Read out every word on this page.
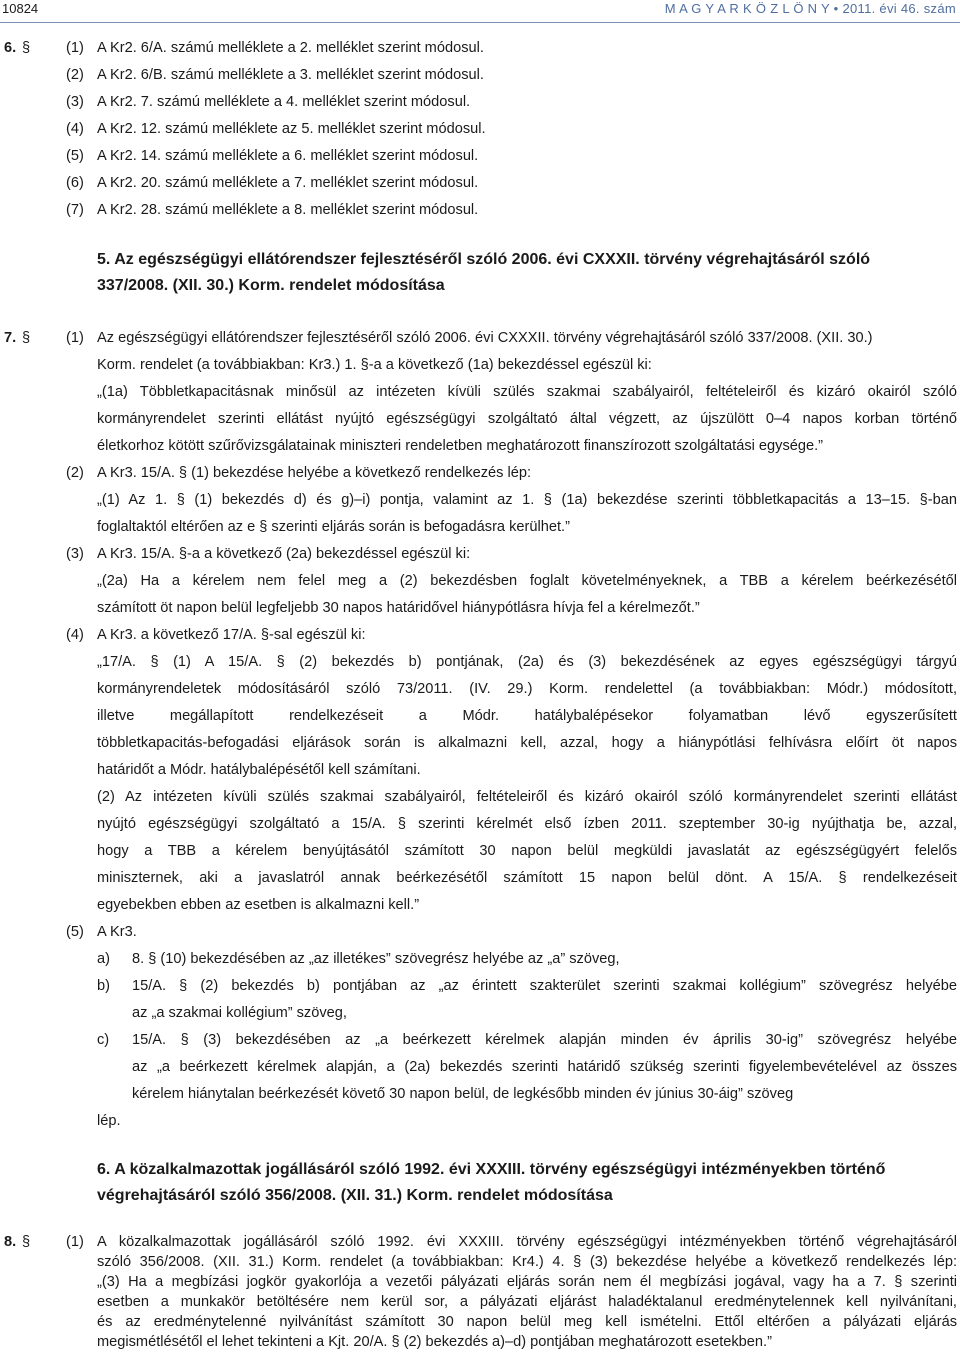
10824	M A G Y A R K Ö Z L Ö N Y • 2011. évi 46. szám
6. § (1) A Kr2. 6/A. számú melléklete a 2. melléklet szerint módosul.
(2) A Kr2. 6/B. számú melléklete a 3. melléklet szerint módosul.
(3) A Kr2. 7. számú melléklete a 4. melléklet szerint módosul.
(4) A Kr2. 12. számú melléklete az 5. melléklet szerint módosul.
(5) A Kr2. 14. számú melléklete a 6. melléklet szerint módosul.
(6) A Kr2. 20. számú melléklete a 7. melléklet szerint módosul.
(7) A Kr2. 28. számú melléklete a 8. melléklet szerint módosul.
5. Az egészségügyi ellátórendszer fejlesztéséről szóló 2006. évi CXXXII. törvény végrehajtásáról szóló
337/2008. (XII. 30.) Korm. rendelet módosítása
7. § (1) Az egészségügyi ellátórendszer fejlesztéséről szóló 2006. évi CXXXII. törvény végrehajtásáról szóló 337/2008. (XII. 30.)
Korm. rendelet (a továbbiakban: Kr3.) 1. §-a a következő (1a) bekezdéssel egészül ki:
„(1a) Többletkapacitásnak minősül az intézeten kívüli szülés szakmai szabályairól, feltételeiről és kizáró okairól szóló
kormányrendelet szerinti ellátást nyújtó egészségügyi szolgáltató által végzett, az újszülött 0–4 napos korban történő
életkorhoz kötött szűrővizsgálatainak miniszteri rendeletben meghatározott finanszírozott szolgáltatási egysége.”
(2) A Kr3. 15/A. § (1) bekezdése helyébe a következő rendelkezés lép:
„(1) Az 1. § (1) bekezdés d) és g)–i) pontja, valamint az 1. § (1a) bekezdése szerinti többletkapacitás a 13–15. §-ban
foglaltaktól eltérően az e § szerinti eljárás során is befogadásra kerülhet.”
(3) A Kr3. 15/A. §-a a következő (2a) bekezdéssel egészül ki:
„(2a) Ha a kérelem nem felel meg a (2) bekezdésben foglalt követelményeknek, a TBB a kérelem beérkezésétől
számított öt napon belül legfeljebb 30 napos határidővel hiánypótlásra hívja fel a kérelmezőt.”
(4) A Kr3. a következő 17/A. §-sal egészül ki:
„17/A. § (1) A 15/A. § (2) bekezdés b) pontjának, (2a) és (3) bekezdésének az egyes egészségügyi tárgyú
kormányrendeletek módosításáról szóló 73/2011. (IV. 29.) Korm. rendelettel (a továbbiakban: Módr.) módosított,
illetve megállapított rendelkezéseit a Módr. hatálybalépésekor folyamatban lévő egyszerűsített
többletkapacitás-befogadási eljárások során is alkalmazni kell, azzal, hogy a hiánypótlási felhívásra előírt öt napos
határidőt a Módr. hatálybalépésétől kell számítani.
(2) Az intézeten kívüli szülés szakmai szabályairól, feltételeiről és kizáró okairól szóló kormányrendelet szerinti ellátást
nyújtó egészségügyi szolgáltató a 15/A. § szerinti kérelmét első ízben 2011. szeptember 30-ig nyújthatja be, azzal,
hogy a TBB a kérelem benyújtásától számított 30 napon belül megküldi javaslatát az egészségügyért felelős
miniszternek, aki a javaslatról annak beérkezésétől számított 15 napon belül dönt. A 15/A. § rendelkezéseit
egyebekben ebben az esetben is alkalmazni kell.”
(5) A Kr3.
a) 8. § (10) bekezdésében az „az illetékes” szövegrész helyébe az „a” szöveg,
b) 15/A. § (2) bekezdés b) pontjában az „az érintett szakterület szerinti szakmai kollégium” szövegrész helyébe
az „a szakmai kollégium” szöveg,
c) 15/A. § (3) bekezdésében az „a beérkezett kérelmek alapján minden év április 30-ig” szövegrész helyébe
az „a beérkezett kérelmek alapján, a (2a) bekezdés szerinti határidő szükség szerinti figyelembevételével az összes
kérelem hiánytalan beérkezését követő 30 napon belül, de legkésőbb minden év június 30-áig” szöveg
lép.
6. A közalkalmazottak jogállásáról szóló 1992. évi XXXIII. törvény egészségügyi intézményekben történő
végrehajtásáról szóló 356/2008. (XII. 31.) Korm. rendelet módosítása
8. § (1) A közalkalmazottak jogállásáról szóló 1992. évi XXXIII. törvény egészségügyi intézményekben történő végrehajtásáról
szóló 356/2008. (XII. 31.) Korm. rendelet (a továbbiakban: Kr4.) 4. § (3) bekezdése helyébe a következő rendelkezés lép:
„(3) Ha a megbízási jogkör gyakorlója a vezetői pályázati eljárás során nem él megbízási jogával, vagy ha a 7. § szerinti
esetben a munkakör betöltésére nem kerül sor, a pályázati eljárást haladéktalanul eredménytelennek kell nyilvánítani,
és az eredménytelenné nyilvánítást számított 30 napon belül meg kell ismételni. Ettől eltérően a pályázati eljárás
megismétlésétől el lehet tekinteni a Kjt. 20/A. § (2) bekezdés a)–d) pontjában meghatározott esetekben.”
